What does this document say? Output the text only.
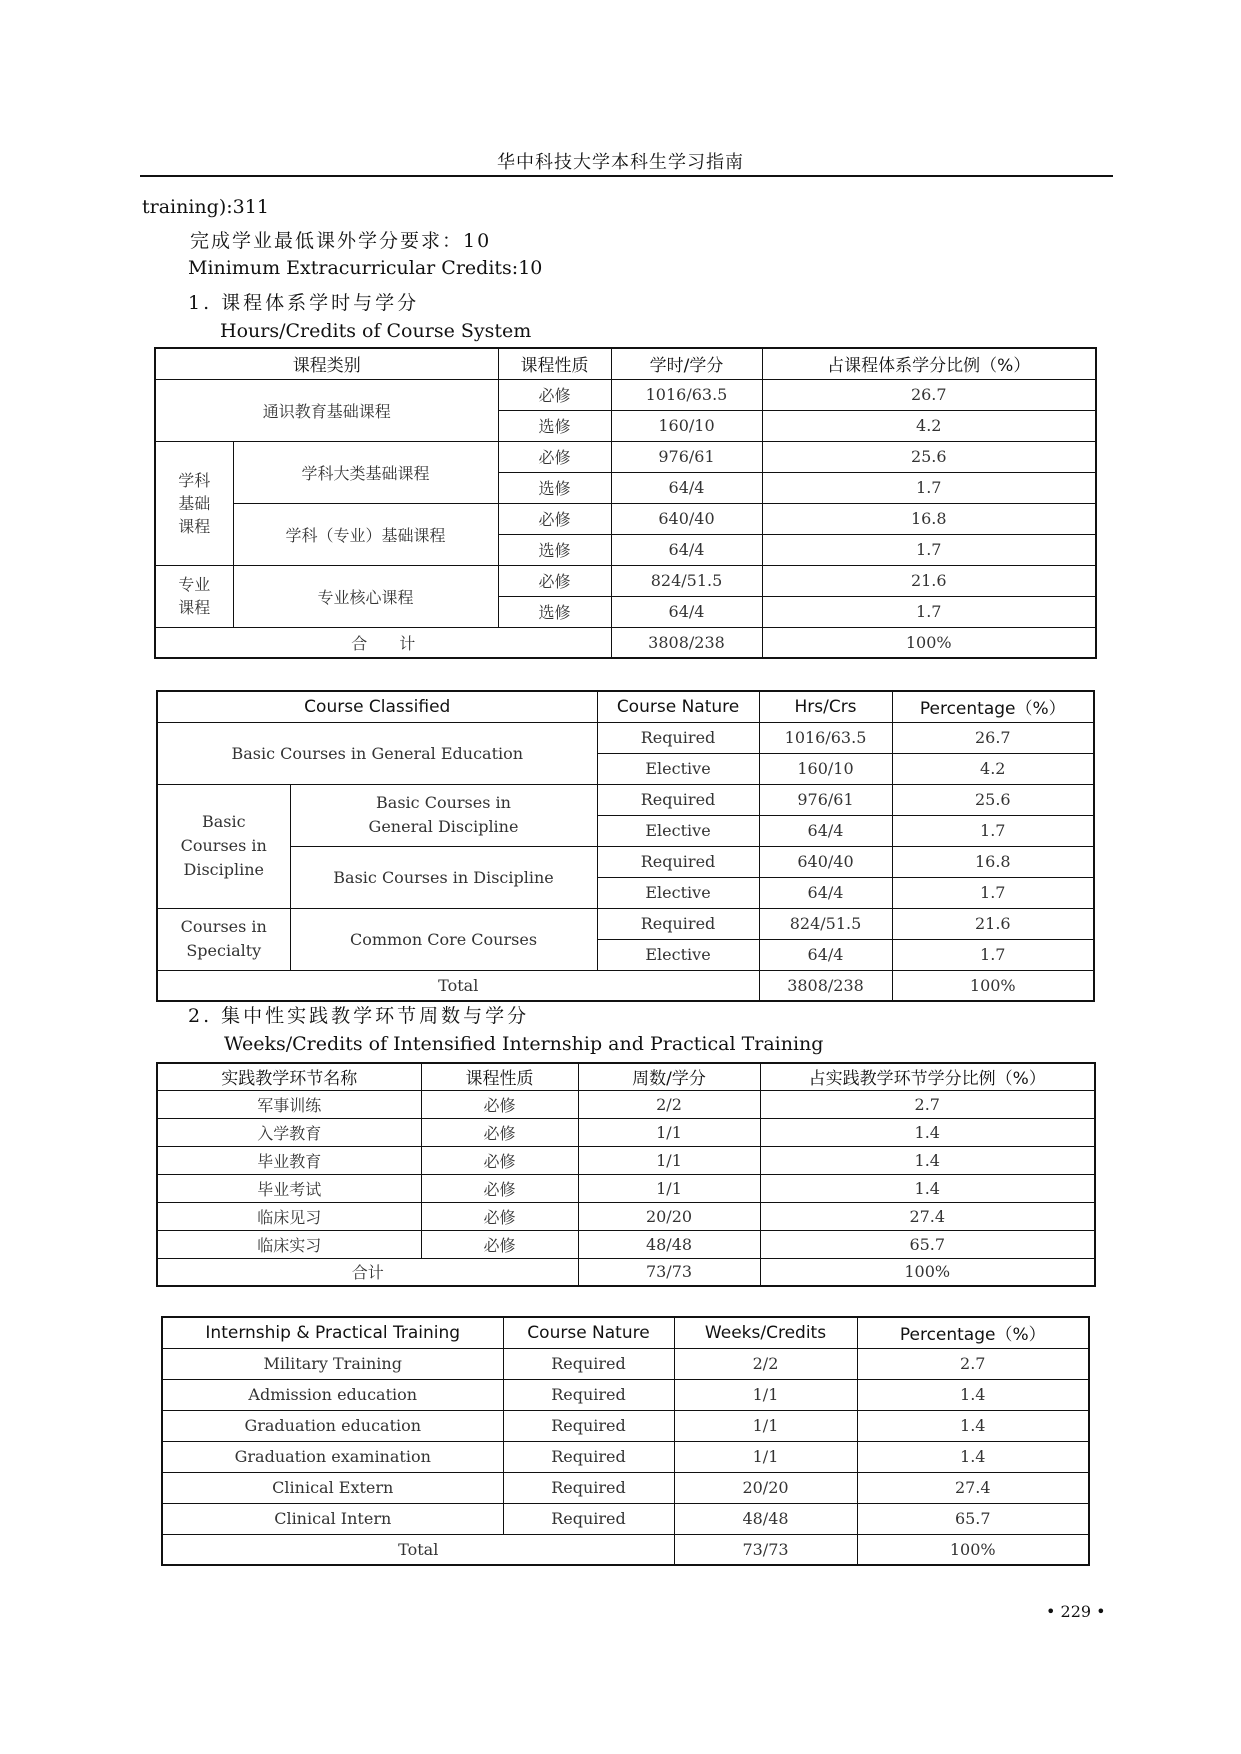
华中科技大学本科生学习指南
training):311
完成学业最低课外学分要求：10
Minimum Extracurricular Credits:10
1. 课程体系学时与学分
Hours/Credits of Course System
课程类别		课程性质	学时/学分	占课程体系学分比例（%）
通识教育基础课程		必修	1016/63.5	26.7
		选修	160/10	4.2
学科基础课程	学科大类基础课程	必修	976/61	25.6
		选修	64/4	1.7
	学科（专业）基础课程	必修	640/40	16.8
		选修	64/4	1.7
专业课程	专业核心课程	必修	824/51.5	21.6
		选修	64/4	1.7
合　　计			3808/238	100%
Course Classified		Course Nature	Hrs/Crs	Percentage（%）
Basic Courses in General Education		Required	1016/63.5	26.7
		Elective	160/10	4.2
Basic Courses in Discipline	Basic Courses in General Discipline	Required	976/61	25.6
		Elective	64/4	1.7
	Basic Courses in Discipline	Required	640/40	16.8
		Elective	64/4	1.7
Courses in Specialty	Common Core Courses	Required	824/51.5	21.6
		Elective	64/4	1.7
Total			3808/238	100%
2. 集中性实践教学环节周数与学分
Weeks/Credits of Intensified Internship and Practical Training
实践教学环节名称	课程性质	周数/学分	占实践教学环节学分比例（%）
军事训练	必修	2/2	2.7
入学教育	必修	1/1	1.4
毕业教育	必修	1/1	1.4
毕业考试	必修	1/1	1.4
临床见习	必修	20/20	27.4
临床实习	必修	48/48	65.7
合计		73/73	100%
Internship & Practical Training	Course Nature	Weeks/Credits	Percentage（%）
Military Training	Required	2/2	2.7
Admission education	Required	1/1	1.4
Graduation education	Required	1/1	1.4
Graduation examination	Required	1/1	1.4
Clinical Extern	Required	20/20	27.4
Clinical Intern	Required	48/48	65.7
Total		73/73	100%
• 229 •
